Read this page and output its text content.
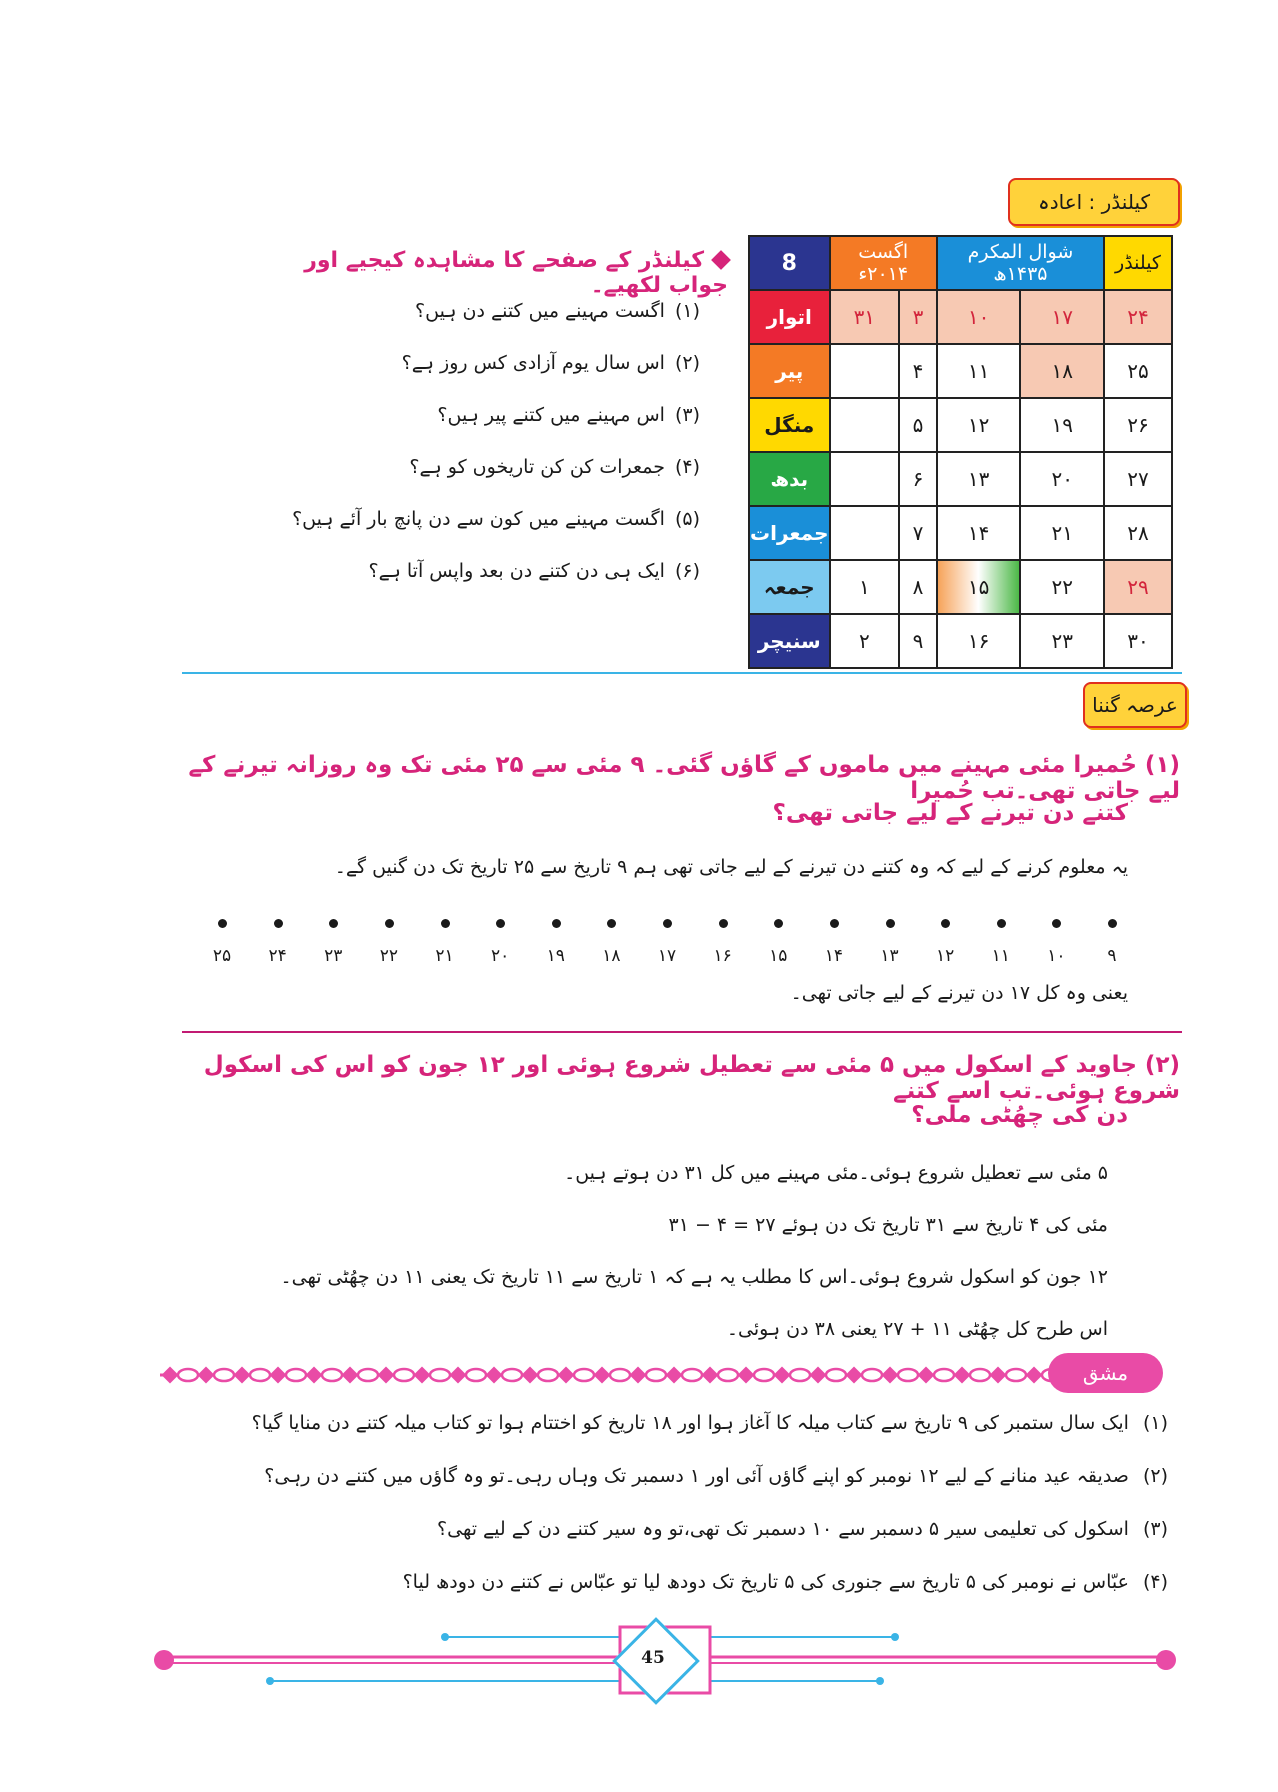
کیلنڈر : اعادہ
کیلنڈر کے صفحے کا مشاہدہ کیجیے اور جواب لکھیے۔
8	اگست ۲۰۱۴ء		شوال المکرم ۱۴۳۵ھ		کیلنڈر
اتوار	۳۱	۳	۱۰	۱۷	۲۴
پیر		۴	۱۱	۱۸	۲۵
منگل		۵	۱۲	۱۹	۲۶
بدھ		۶	۱۳	۲۰	۲۷
جمعرات		۷	۱۴	۲۱	۲۸
جمعہ	۱	۸	۱۵	۲۲	۲۹
سنیچر	۲	۹	۱۶	۲۳	۳۰
(۱)اگست مہینے میں کتنے دن ہیں؟
(۲)اس سال یوم آزادی کس روز ہے؟
(۳)اس مہینے میں کتنے پیر ہیں؟
(۴)جمعرات کن کن تاریخوں کو ہے؟
(۵)اگست مہینے میں کون سے دن پانچ بار آئے ہیں؟
(۶)ایک ہی دن کتنے دن بعد واپس آتا ہے؟
عرصہ گننا
(۱) حُمیرا مئی مہینے میں ماموں کے گاؤں گئی۔ ۹ مئی سے ۲۵ مئی تک وہ روزانہ تیرنے کے لیے جاتی تھی۔تب حُمیرا
کتنے دن تیرنے کے لیے جاتی تھی؟
یہ معلوم کرنے کے لیے کہ وہ کتنے دن تیرنے کے لیے جاتی تھی ہم ۹ تاریخ سے ۲۵ تاریخ تک دن گنیں گے۔
۹
۱۰
۱۱
۱۲
۱۳
۱۴
۱۵
۱۶
۱۷
۱۸
۱۹
۲۰
۲۱
۲۲
۲۳
۲۴
۲۵
یعنی وہ کل ۱۷ دن تیرنے کے لیے جاتی تھی۔
(۲) جاوید کے اسکول میں ۵ مئی سے تعطیل شروع ہوئی اور ۱۲ جون کو اس کی اسکول شروع ہوئی۔تب اسے کتنے
دن کی چھُٹی ملی؟
۵ مئی سے تعطیل شروع ہوئی۔مئی مہینے میں کل ۳۱ دن ہوتے ہیں۔
مئی کی ۴ تاریخ سے ۳۱ تاریخ تک دن ہوئے ۲۷ = ۴ − ۳۱
۱۲ جون کو اسکول شروع ہوئی۔اس کا مطلب یہ ہے کہ ۱ تاریخ سے ۱۱ تاریخ تک یعنی ۱۱ دن چھُٹی تھی۔
اس طرح کل چھُٹی ۱۱ + ۲۷ یعنی ۳۸ دن ہوئی۔
مشق
(۱)ایک سال ستمبر کی ۹ تاریخ سے کتاب میلہ کا آغاز ہوا اور ۱۸ تاریخ کو اختتام ہوا تو کتاب میلہ کتنے دن منایا گیا؟
(۲)صدیقہ عید منانے کے لیے ۱۲ نومبر کو اپنے گاؤں آئی اور ۱ دسمبر تک وہاں رہی۔تو وہ گاؤں میں کتنے دن رہی؟
(۳)اسکول کی تعلیمی سیر ۵ دسمبر سے ۱۰ دسمبر تک تھی،تو وہ سیر کتنے دن کے لیے تھی؟
(۴)عبّاس نے نومبر کی ۵ تاریخ سے جنوری کی ۵ تاریخ تک دودھ لیا تو عبّاس نے کتنے دن دودھ لیا؟
45
